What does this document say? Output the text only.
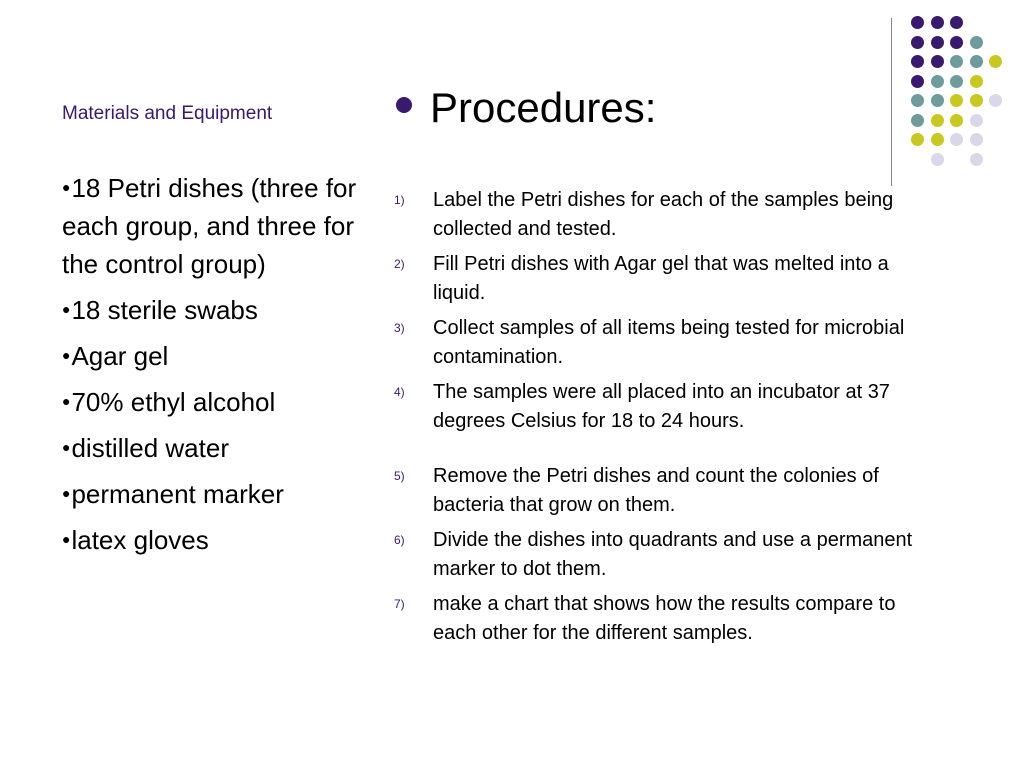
Materials and Equipment
●18 Petri dishes (three for each group, and three for the control group)
●18 sterile swabs
●Agar gel
●70% ethyl alcohol
●distilled water
●permanent marker
●latex gloves
Procedures:
1) Label the Petri dishes for each of the samples being collected and tested.
2) Fill Petri dishes with Agar gel that was melted into a liquid.
3) Collect samples of all items being tested for microbial contamination.
4) The samples were all placed into an incubator at 37 degrees Celsius for 18 to 24 hours.
5) Remove the Petri dishes and count the colonies of bacteria that grow on them.
6) Divide the dishes into quadrants and use a permanent marker to dot them.
7) make a chart that shows how the results compare to each other for the different samples.
